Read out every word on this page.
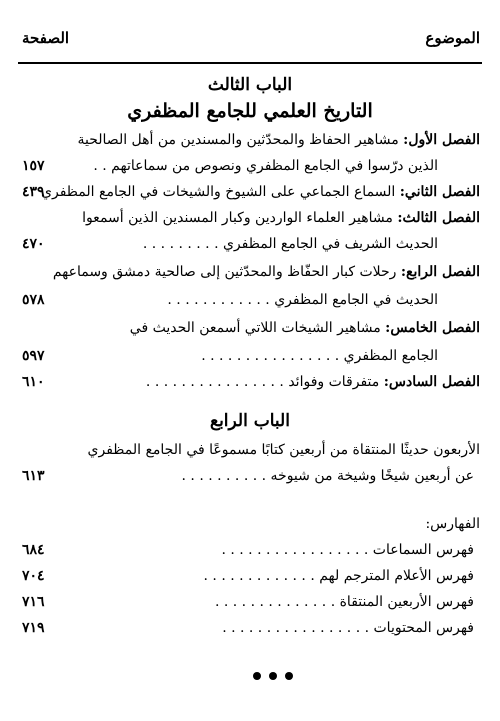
الموضوع
الصفحة
الباب الثالث
التاريخ العلمي للجامع المظفري
الفصل الأول: مشاهير الحفاظ والمحدّثين والمسندين من أهل الصالحية
الذين درّسوا في الجامع المظفري ونصوص من سماعاتهم . .
١٥٧
الفصل الثاني: السماع الجماعي على الشيوخ والشيخات في الجامع المظفري
٤٣٩
الفصل الثالث: مشاهير العلماء الواردين وكبار المسندين الذين أسمعوا
الحديث الشريف في الجامع المظفري . . . . . . . . .
٤٧٠
الفصل الرابع: رحلات كبار الحفّاظ والمحدّثين إلى صالحية دمشق وسماعهم
الحديث في الجامع المظفري . . . . . . . . . . . .
٥٧٨
الفصل الخامس: مشاهير الشيخات اللاتي أسمعن الحديث في
الجامع المظفري . . . . . . . . . . . . . . . .
٥٩٧
الفصل السادس: متفرقات وفوائد . . . . . . . . . . . . . . . .
٦١٠
الباب الرابع
الأربعون حديثًا المنتقاة من أربعين كتابًا مسموعًا في الجامع المظفري
عن أربعين شيخًا وشيخة من شيوخه . . . . . . . . . .
٦١٣
الفهارس:
فهرس السماعات . . . . . . . . . . . . . . . . .
٦٨٤
فهرس الأعلام المترجم لهم . . . . . . . . . . . . .
٧٠٤
فهرس الأربعين المنتقاة . . . . . . . . . . . . . .
٧١٦
فهرس المحتويات . . . . . . . . . . . . . . . . .
٧١٩
